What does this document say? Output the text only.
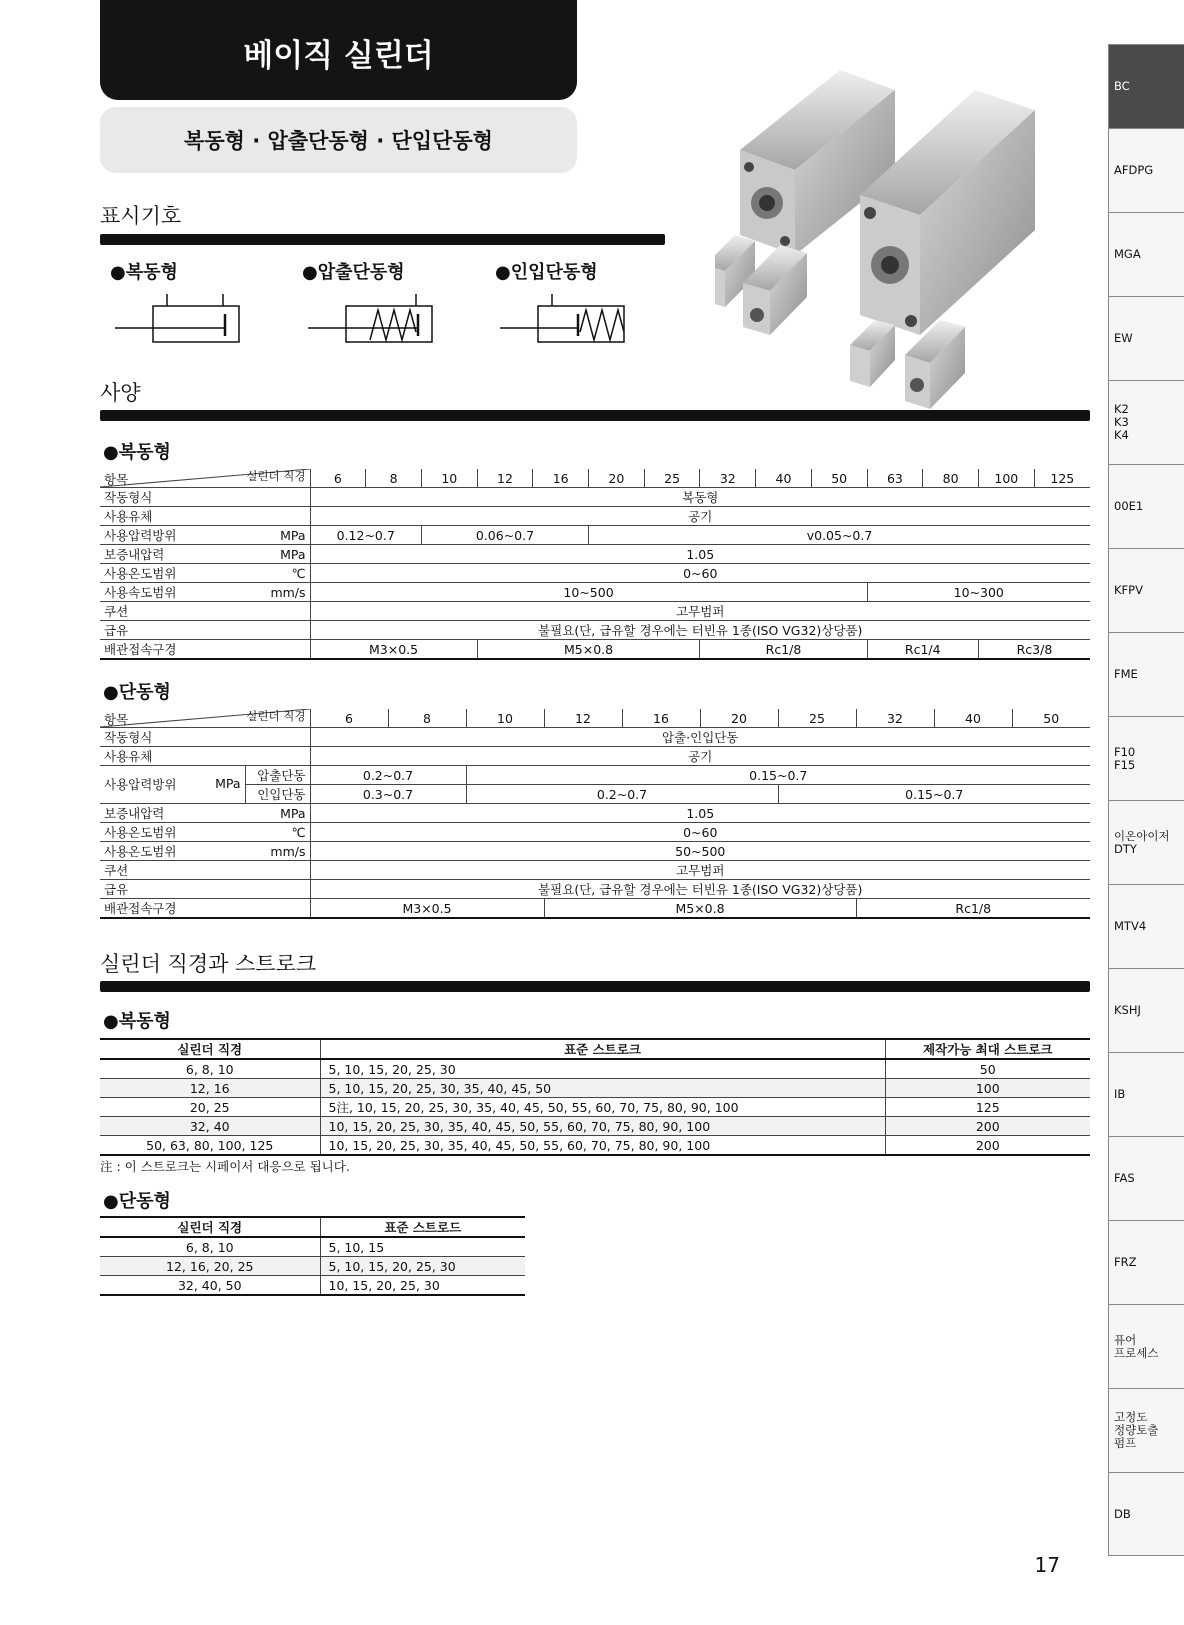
베이직 실린더
복동형 · 압출단동형 · 단입단동형
표시기호
●복동형	●압출단동형	●인입단동형
사양
●복동형
실린더 직경
항목		6	8	10	12	16	20	25	32	40	50	63	80	100	125
작동형식		복동형													
사용유체		공기													
사용압력방위	MPa	0.12~0.7		0.06~0.7			v0.05~0.7								
보증내압력	MPa	1.05													
사용온도범위	℃	0~60													
사용속도범위	mm/s	10~500										10~300			
쿠션		고무범퍼													
급유		불필요(단, 급유할 경우에는 터빈유 1종(ISO VG32)상당품)													
배관접속구경		M3×0.5			M5×0.8				Rc1/8			Rc1/4		Rc3/8	
●단동형
실린더 직경
항목		6	8	10	12	16	20	25	32	40	50
작동형식		압출·인입단동									
사용유체		공기									
사용압력방위 MPa	압출단동	0.2~0.7		0.15~0.7							
	인입단동	0.3~0.7		0.2~0.7				0.15~0.7			
보증내압력	MPa	1.05									
사용온도범위	℃	0~60									
사용온도범위	mm/s	50~500									
쿠션		고무범퍼									
급유		불필요(단, 급유할 경우에는 터빈유 1종(ISO VG32)상당품)									
배관접속구경		M3×0.5			M5×0.8				Rc1/8		
실린더 직경과 스트로크
●복동형
실린더 직경	표준 스트로크	제작가능 최대 스트로크
6, 8, 10	5, 10, 15, 20, 25, 30	50
12, 16	5, 10, 15, 20, 25, 30, 35, 40, 45, 50	100
20, 25	5注, 10, 15, 20, 25, 30, 35, 40, 45, 50, 55, 60, 70, 75, 80, 90, 100	125
32, 40	10, 15, 20, 25, 30, 35, 40, 45, 50, 55, 60, 70, 75, 80, 90, 100	200
50, 63, 80, 100, 125	10, 15, 20, 25, 30, 35, 40, 45, 50, 55, 60, 70, 75, 80, 90, 100	200
注 : 이 스트로크는 시페이서 대응으로 됩니다.
●단동형
실린더 직경	표준 스트로드
6, 8, 10	5, 10, 15
12, 16, 20, 25	5, 10, 15, 20, 25, 30
32, 40, 50	10, 15, 20, 25, 30
BC
AFDPG
MGA
EW
K2
K3
K4
00E1
KFPV
FME
F10
F15
이온아이저
DTY
MTV4
KSHJ
IB
FAS
FRZ
퓨어
프로세스
고정도
정량토출
펌프
DB
17
